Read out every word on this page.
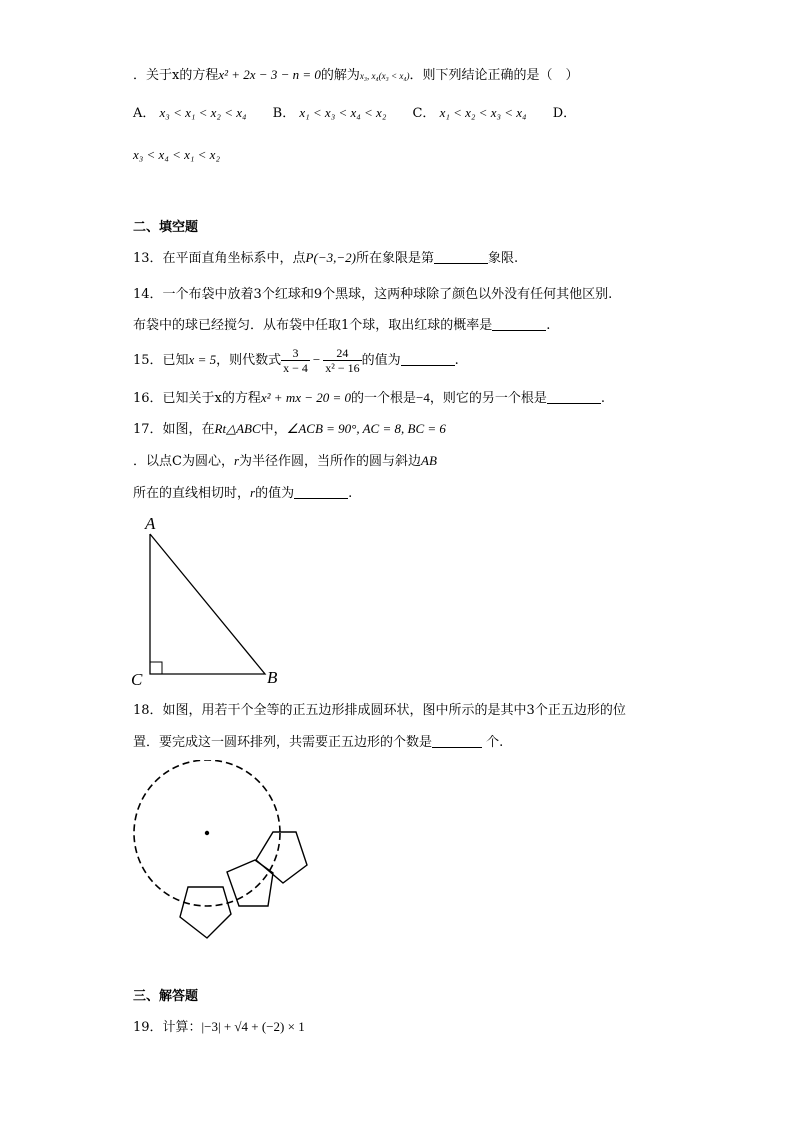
．关于x的方程x² + 2x − 3 − n = 0的解为x₃, x₄(x₃ < x₄)．则下列结论正确的是（　）
A． x₃ < x₁ < x₂ < x₄ B． x₁ < x₃ < x₄ < x₂ C． x₁ < x₂ < x₃ < x₄ D．
x₃ < x₄ < x₁ < x₂
二、填空题
13．在平面直角坐标系中，点P(−3,−2)所在象限是第	象限.
14．一个布袋中放着3个红球和9个黑球，这两种球除了颜色以外没有任何其他区别.
布袋中的球已经搅匀．从布袋中任取1个球，取出红球的概率是	.
15．已知x = 5，则代数式 $\frac{3}{x - 4} - \frac{24}{\text{x² − 16}}$ 的值为	.
16．已知关于x的方程x² + mx − 20 = 0的一个根是−4，则它的另一个根是	.
17．如图，在Rt△ABC中，∠ACB = 90°, AC = 8, BC = 6
．以点C为圆心，r为半径作圆，当所作的圆与斜边AB
所在的直线相切时，r的值为	.
A
C	B
18．如图，用若干个全等的正五边形排成圆环状，图中所示的是其中3个正五边形的位
置．要完成这一圆环排列，共需要正五边形的个数是	个.
三、解答题
19．计算：|−3| + √4 + (−2) × 1
